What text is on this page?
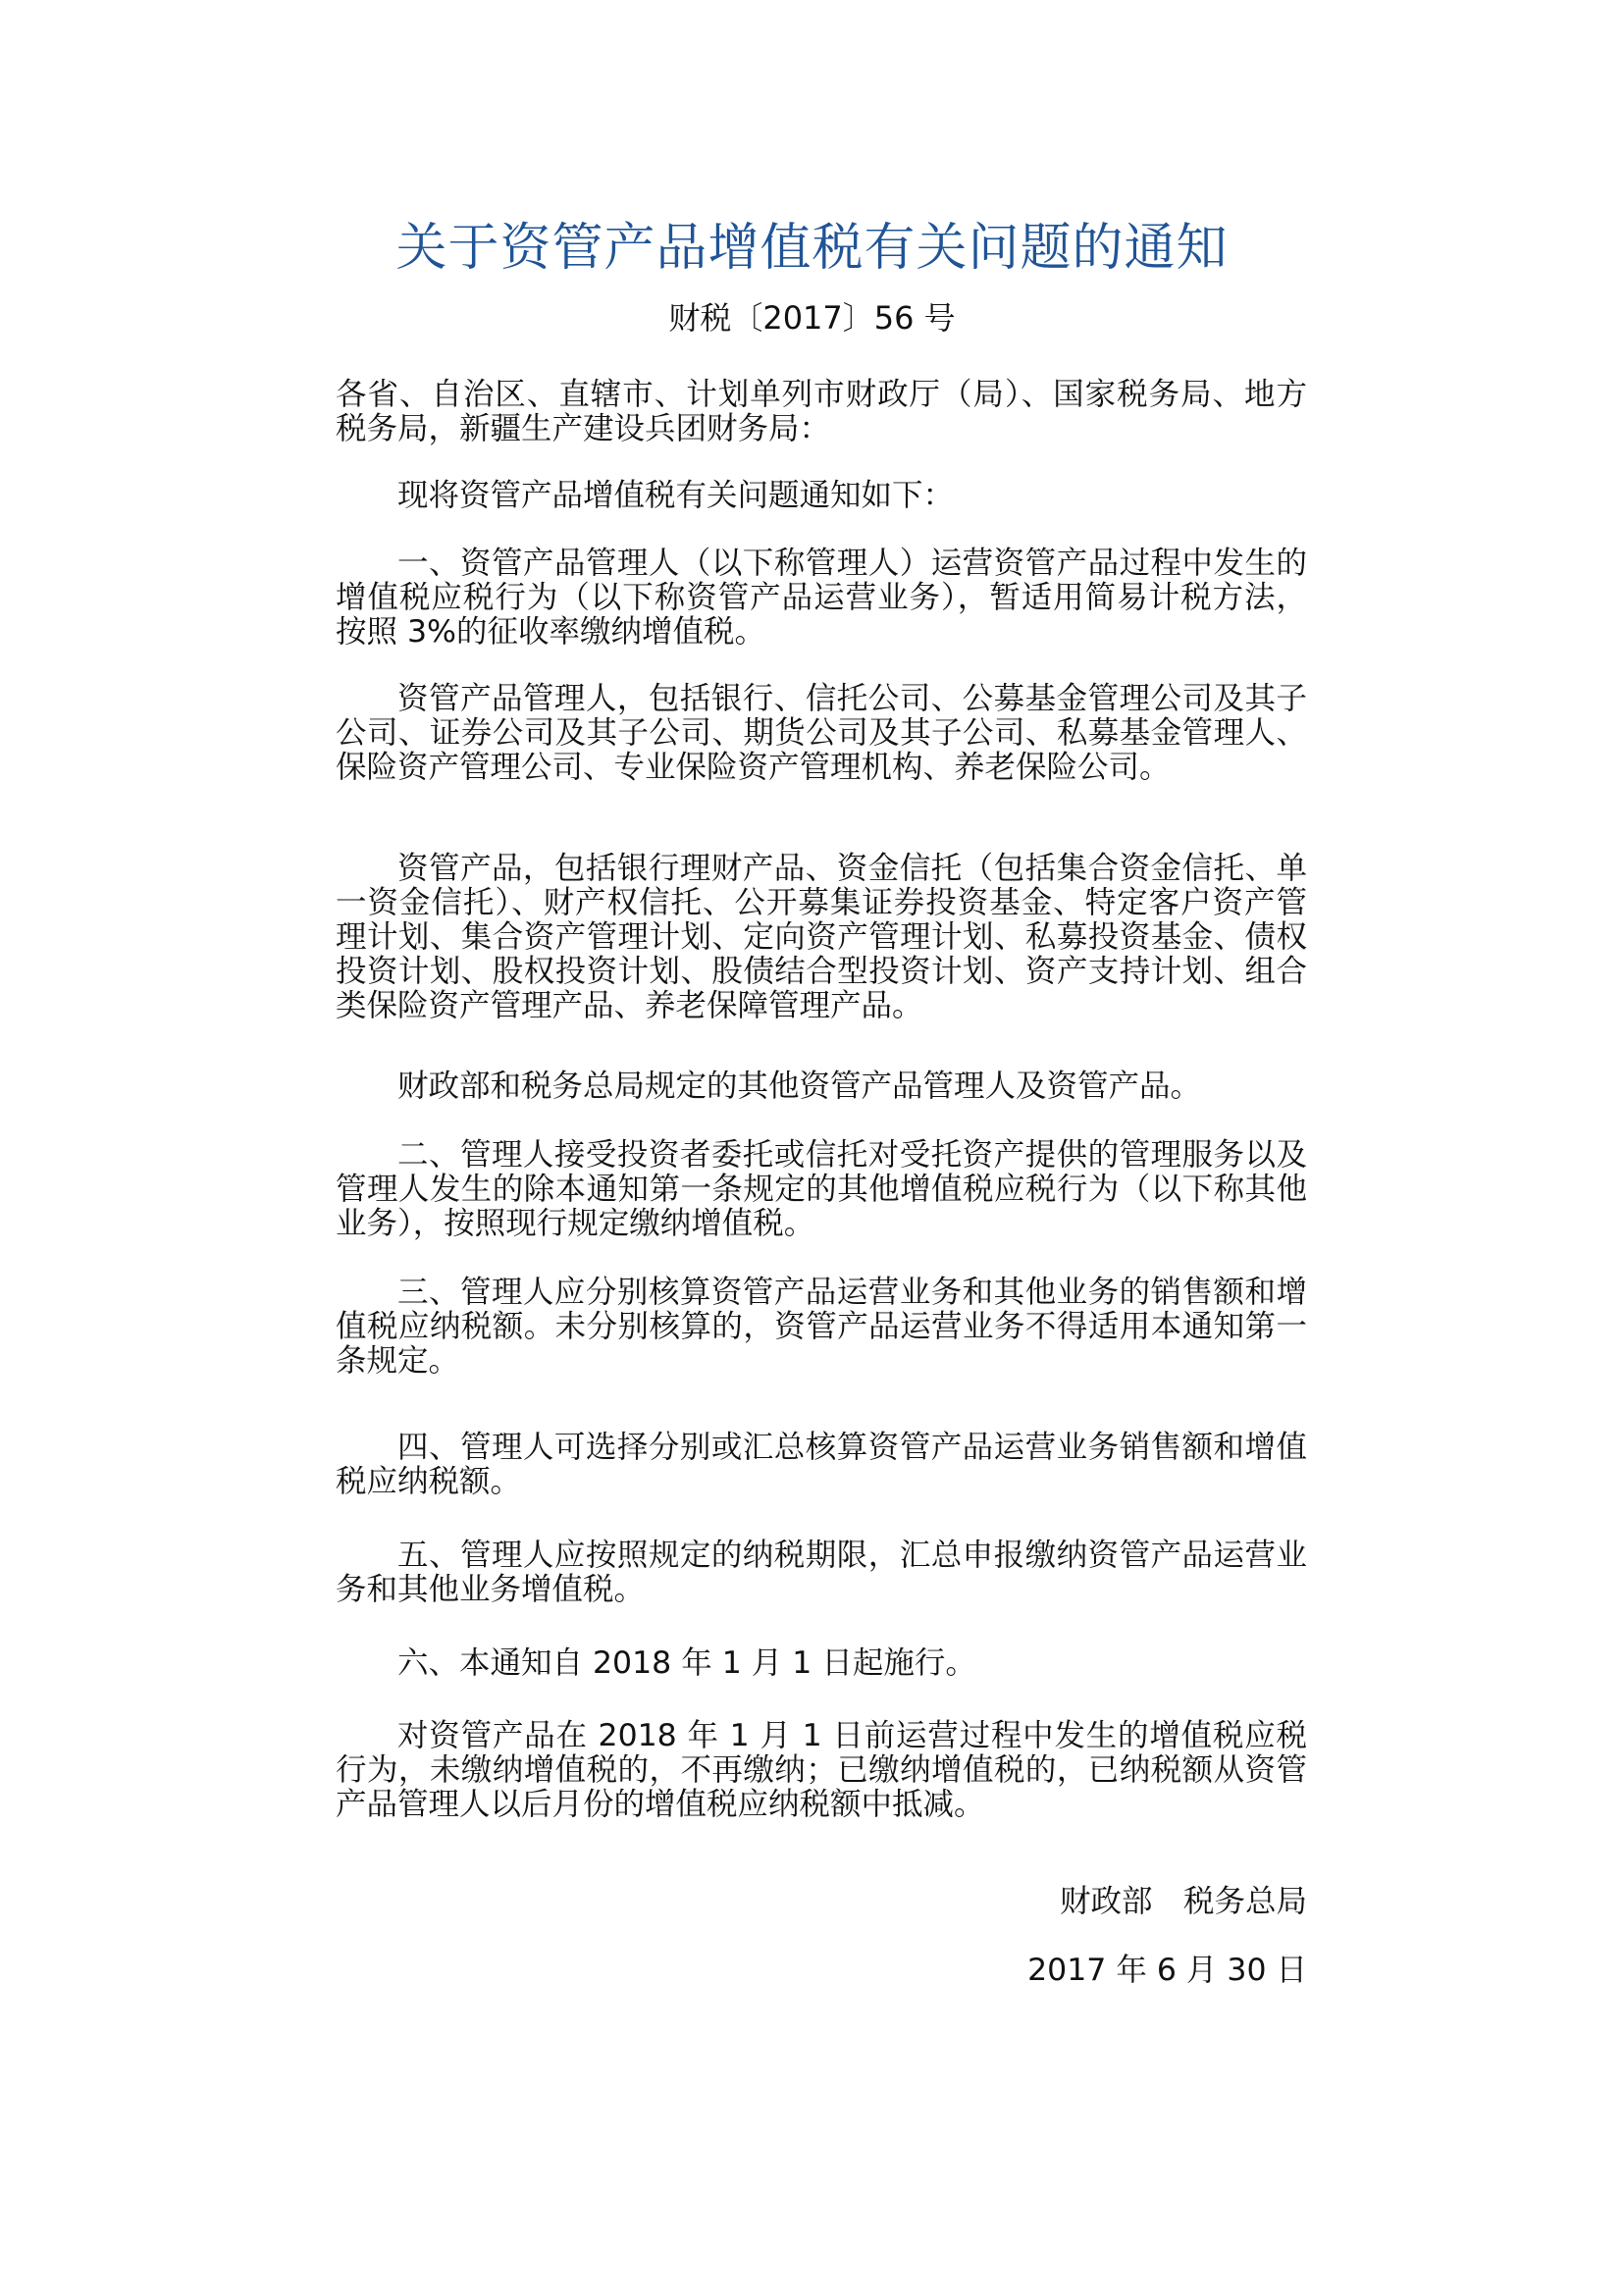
关于资管产品增值税有关问题的通知
财税〔2017〕56 号

各省、自治区、直辖市、计划单列市财政厅（局）、国家税务局、地方税务局，新疆生产建设兵团财务局：

现将资管产品增值税有关问题通知如下：

一、资管产品管理人（以下称管理人）运营资管产品过程中发生的增值税应税行为（以下称资管产品运营业务），暂适用简易计税方法，按照 3%的征收率缴纳增值税。

资管产品管理人，包括银行、信托公司、公募基金管理公司及其子公司、证券公司及其子公司、期货公司及其子公司、私募基金管理人、保险资产管理公司、专业保险资产管理机构、养老保险公司。

资管产品，包括银行理财产品、资金信托（包括集合资金信托、单一资金信托）、财产权信托、公开募集证券投资基金、特定客户资产管理计划、集合资产管理计划、定向资产管理计划、私募投资基金、债权投资计划、股权投资计划、股债结合型投资计划、资产支持计划、组合类保险资产管理产品、养老保障管理产品。

财政部和税务总局规定的其他资管产品管理人及资管产品。

二、管理人接受投资者委托或信托对受托资产提供的管理服务以及管理人发生的除本通知第一条规定的其他增值税应税行为（以下称其他业务），按照现行规定缴纳增值税。

三、管理人应分别核算资管产品运营业务和其他业务的销售额和增值税应纳税额。未分别核算的，资管产品运营业务不得适用本通知第一条规定。

四、管理人可选择分别或汇总核算资管产品运营业务销售额和增值税应纳税额。

五、管理人应按照规定的纳税期限，汇总申报缴纳资管产品运营业务和其他业务增值税。

六、本通知自 2018 年 1 月 1 日起施行。

对资管产品在 2018 年 1 月 1 日前运营过程中发生的增值税应税行为，未缴纳增值税的，不再缴纳；已缴纳增值税的，已纳税额从资管产品管理人以后月份的增值税应纳税额中抵减。

财政部　税务总局
2017 年 6 月 30 日
